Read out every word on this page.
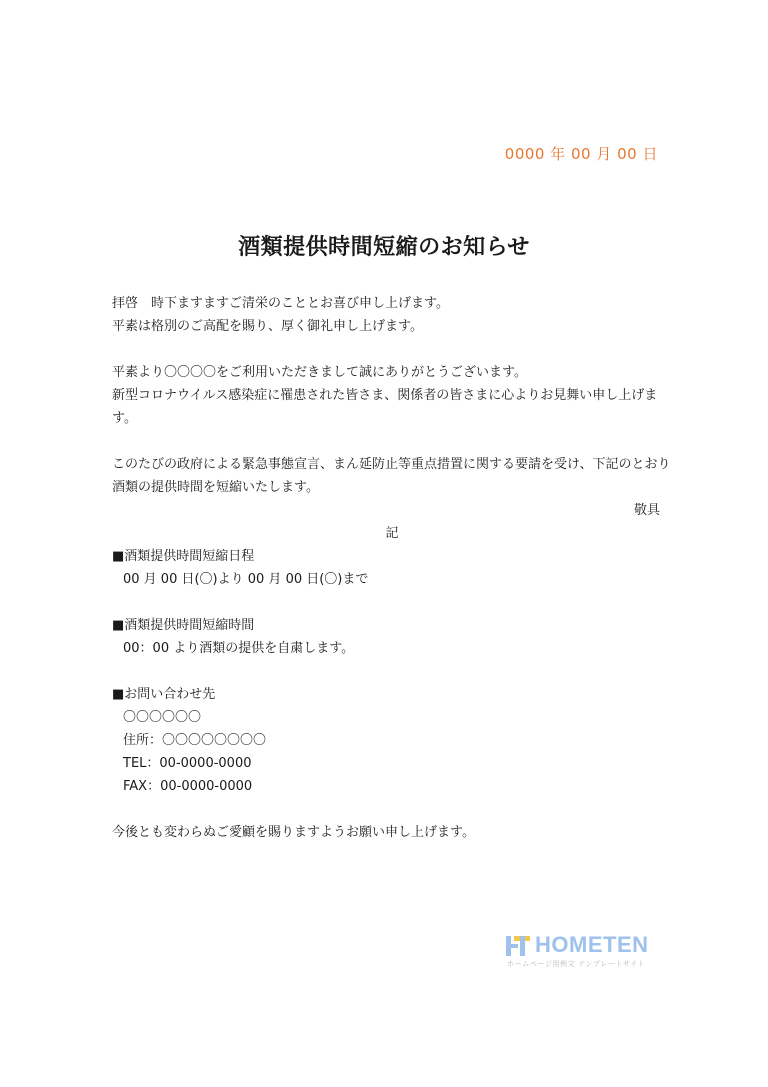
0000 年 00 月 00 日
酒類提供時間短縮のお知らせ

拝啓　時下ますますご清栄のこととお喜び申し上げます。

平素は格別のご高配を賜り、厚く御礼申し上げます。

平素より〇〇〇〇をご利用いただきまして誠にありがとうございます。

新型コロナウイルス感染症に罹患された皆さま、関係者の皆さまに心よりお見舞い申し上げます。

このたびの政府による緊急事態宣言、まん延防止等重点措置に関する要請を受け、下記のとおり酒類の提供時間を短縮いたします。

敬具

記

■酒類提供時間短縮日程

00 月 00 日(〇)より 00 月 00 日(〇)まで

■酒類提供時間短縮時間

00：00 より酒類の提供を自粛します。

■お問い合わせ先

〇〇〇〇〇〇

住所：〇〇〇〇〇〇〇〇

TEL：00-0000-0000

FAX：00-0000-0000

今後とも変わらぬご愛顧を賜りますようお願い申し上げます。

HOMETEN
ホームページ用例文 テンプレートサイト
